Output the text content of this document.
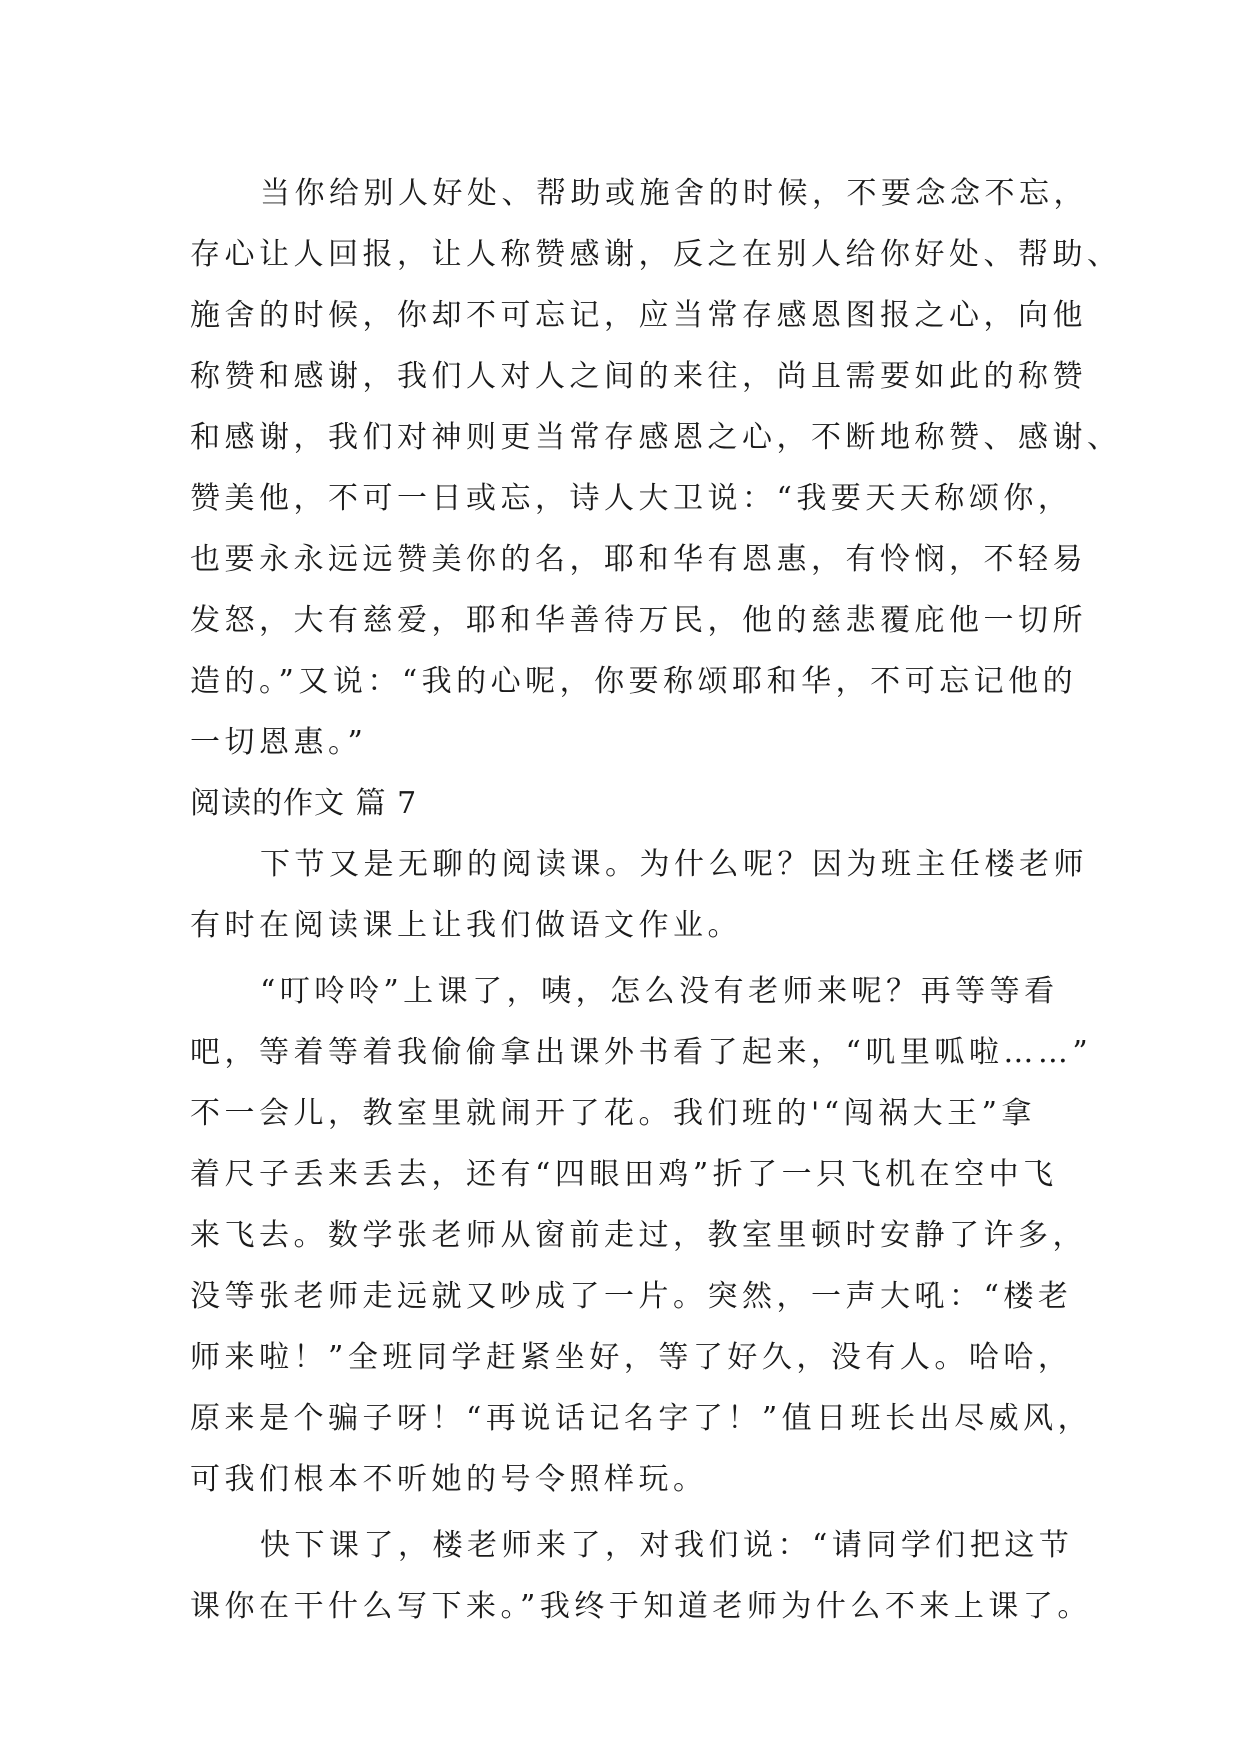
当你给别人好处、帮助或施舍的时候，不要念念不忘，
存心让人回报，让人称赞感谢，反之在别人给你好处、帮助、
施舍的时候，你却不可忘记，应当常存感恩图报之心，向他
称赞和感谢，我们人对人之间的来往，尚且需要如此的称赞
和感谢，我们对神则更当常存感恩之心，不断地称赞、感谢、
赞美他，不可一日或忘，诗人大卫说：“我要天天称颂你，
也要永永远远赞美你的名，耶和华有恩惠，有怜悯，不轻易
发怒，大有慈爱，耶和华善待万民，他的慈悲覆庇他一切所
造的。”又说：“我的心呢，你要称颂耶和华，不可忘记他的
一切恩惠。”
阅读的作文 篇 7
下节又是无聊的阅读课。为什么呢？因为班主任楼老师
有时在阅读课上让我们做语文作业。
“叮呤呤”上课了，咦，怎么没有老师来呢？再等等看
吧，等着等着我偷偷拿出课外书看了起来，“叽里呱啦……”
不一会儿，教室里就闹开了花。我们班的'“闯祸大王”拿
着尺子丢来丢去，还有“四眼田鸡”折了一只飞机在空中飞
来飞去。数学张老师从窗前走过，教室里顿时安静了许多，
没等张老师走远就又吵成了一片。突然，一声大吼：“楼老
师来啦！”全班同学赶紧坐好，等了好久，没有人。哈哈，
原来是个骗子呀！“再说话记名字了！”值日班长出尽威风，
可我们根本不听她的号令照样玩。
快下课了，楼老师来了，对我们说：“请同学们把这节
课你在干什么写下来。”我终于知道老师为什么不来上课了。
